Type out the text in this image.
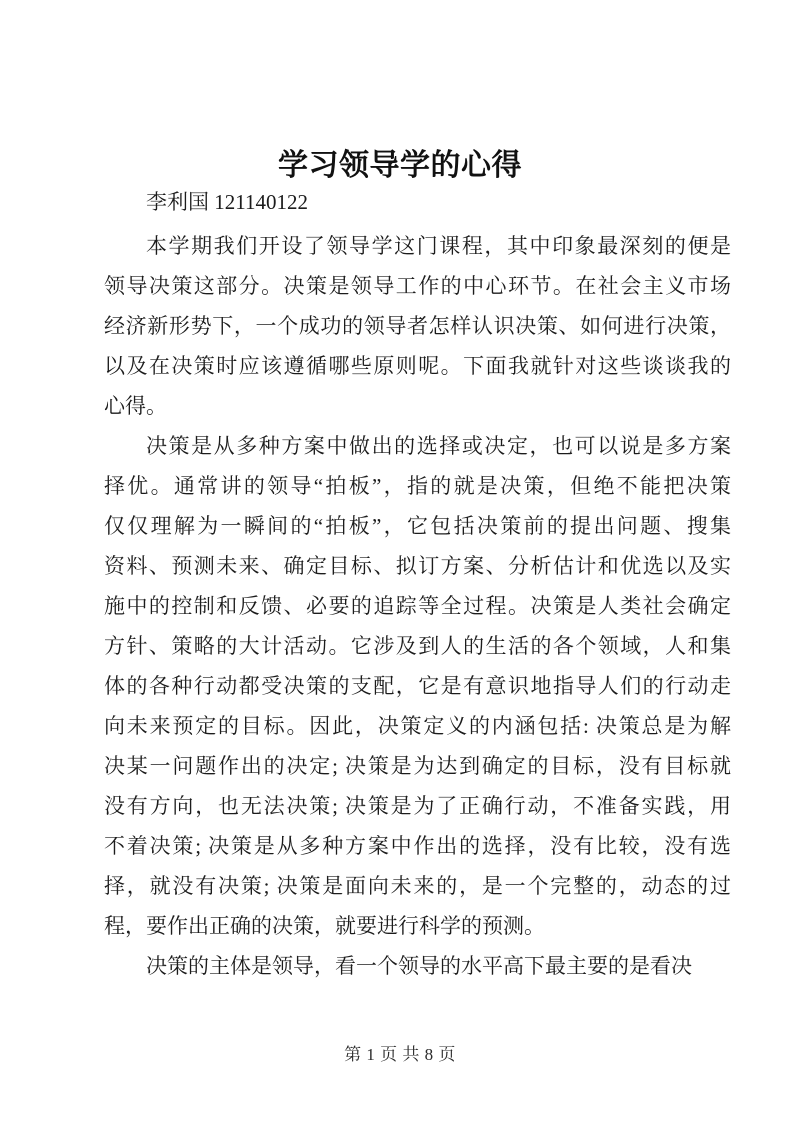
学习领导学的心得
李利国 121140122
本学期我们开设了领导学这门课程，其中印象最深刻的便是
领导决策这部分。决策是领导工作的中心环节。在社会主义市场
经济新形势下，一个成功的领导者怎样认识决策、如何进行决策，
以及在决策时应该遵循哪些原则呢。下面我就针对这些谈谈我的
心得。
决策是从多种方案中做出的选择或决定，也可以说是多方案
择优。通常讲的领导“拍板”，指的就是决策，但绝不能把决策
仅仅理解为一瞬间的“拍板”，它包括决策前的提出问题、搜集
资料、预测未来、确定目标、拟订方案、分析估计和优选以及实
施中的控制和反馈、必要的追踪等全过程。决策是人类社会确定
方针、策略的大计活动。它涉及到人的生活的各个领域，人和集
体的各种行动都受决策的支配，它是有意识地指导人们的行动走
向未来预定的目标。因此，决策定义的内涵包括: 决策总是为解
决某一问题作出的决定; 决策是为达到确定的目标，没有目标就
没有方向，也无法决策; 决策是为了正确行动，不准备实践，用
不着决策; 决策是从多种方案中作出的选择，没有比较，没有选
择，就没有决策; 决策是面向未来的，是一个完整的，动态的过
程，要作出正确的决策，就要进行科学的预测。
决策的主体是领导，看一个领导的水平高下最主要的是看决
第 1 页 共 8 页
